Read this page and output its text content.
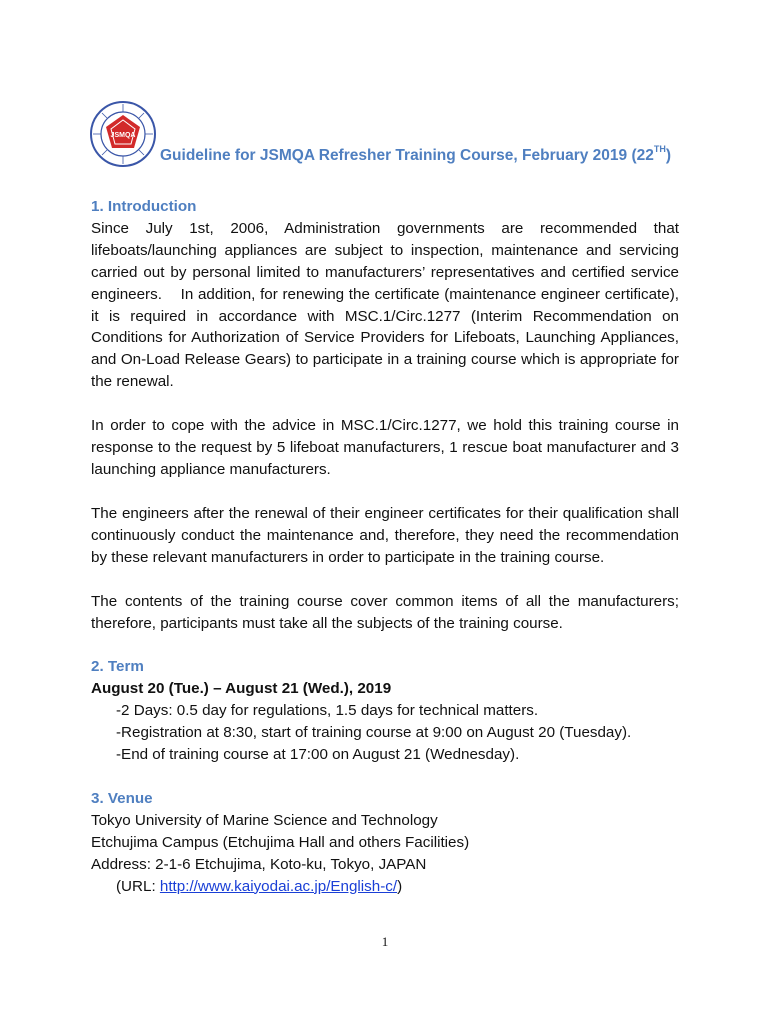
JSMQA
Guideline for JSMQA Refresher Training Course, February 2019 (22TH)
1. Introduction

Since July 1st, 2006, Administration governments are recommended that lifeboats/launching appliances are subject to inspection, maintenance and servicing carried out by personal limited to manufacturers’ representatives and certified service engineers.    In addition, for renewing the certificate (maintenance engineer certificate), it is required in accordance with MSC.1/Circ.1277 (Interim Recommendation on Conditions for Authorization of Service Providers for Lifeboats, Launching Appliances, and On-Load Release Gears) to participate in a training course which is appropriate for the renewal.

In order to cope with the advice in MSC.1/Circ.1277, we hold this training course in response to the request by 5 lifeboat manufacturers, 1 rescue boat manufacturer and 3 launching appliance manufacturers.

The engineers after the renewal of their engineer certificates for their qualification shall continuously conduct the maintenance and, therefore, they need the recommendation by these relevant manufacturers in order to participate in the training course.

The contents of the training course cover common items of all the manufacturers; therefore, participants must take all the subjects of the training course.

2. Term
August 20 (Tue.) – August 21 (Wed.), 2019
-2 Days: 0.5 day for regulations, 1.5 days for technical matters.
-Registration at 8:30, start of training course at 9:00 on August 20 (Tuesday).
-End of training course at 17:00 on August 21 (Wednesday).
3. Venue
Tokyo University of Marine Science and Technology
Etchujima Campus (Etchujima Hall and others Facilities)
Address: 2-1-6 Etchujima, Koto-ku, Tokyo, JAPAN
(URL: http://www.kaiyodai.ac.jp/English-c/)
1
